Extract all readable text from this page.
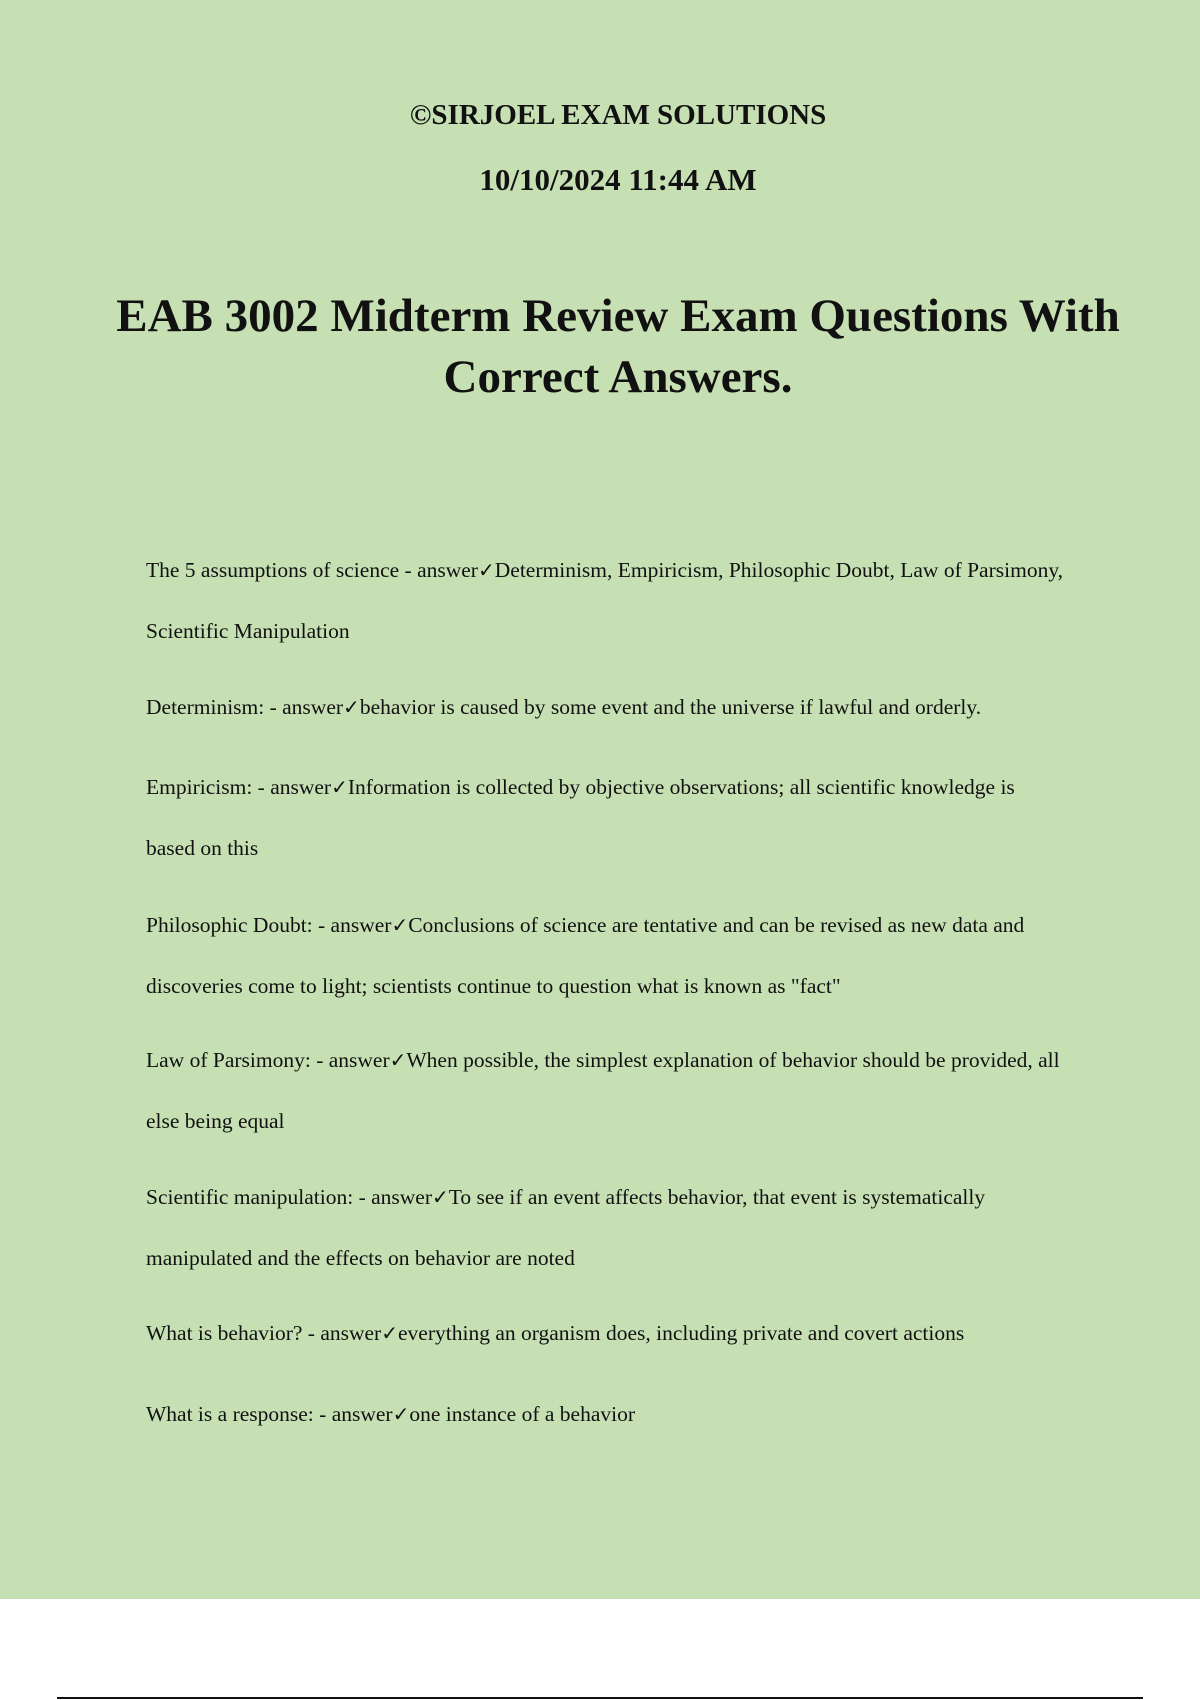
©SIRJOEL EXAM SOLUTIONS
10/10/2024 11:44 AM
EAB 3002 Midterm Review Exam Questions With Correct Answers.
The 5 assumptions of science - answer✓Determinism, Empiricism, Philosophic Doubt, Law of Parsimony, Scientific Manipulation
Determinism: - answer✓behavior is caused by some event and the universe if lawful and orderly.
Empiricism: - answer✓Information is collected by objective observations; all scientific knowledge is based on this
Philosophic Doubt: - answer✓Conclusions of science are tentative and can be revised as new data and discoveries come to light; scientists continue to question what is known as "fact"
Law of Parsimony: - answer✓When possible, the simplest explanation of behavior should be provided, all else being equal
Scientific manipulation: - answer✓To see if an event affects behavior, that event is systematically manipulated and the effects on behavior are noted
What is behavior? - answer✓everything an organism does, including private and covert actions
What is a response: - answer✓one instance of a behavior
